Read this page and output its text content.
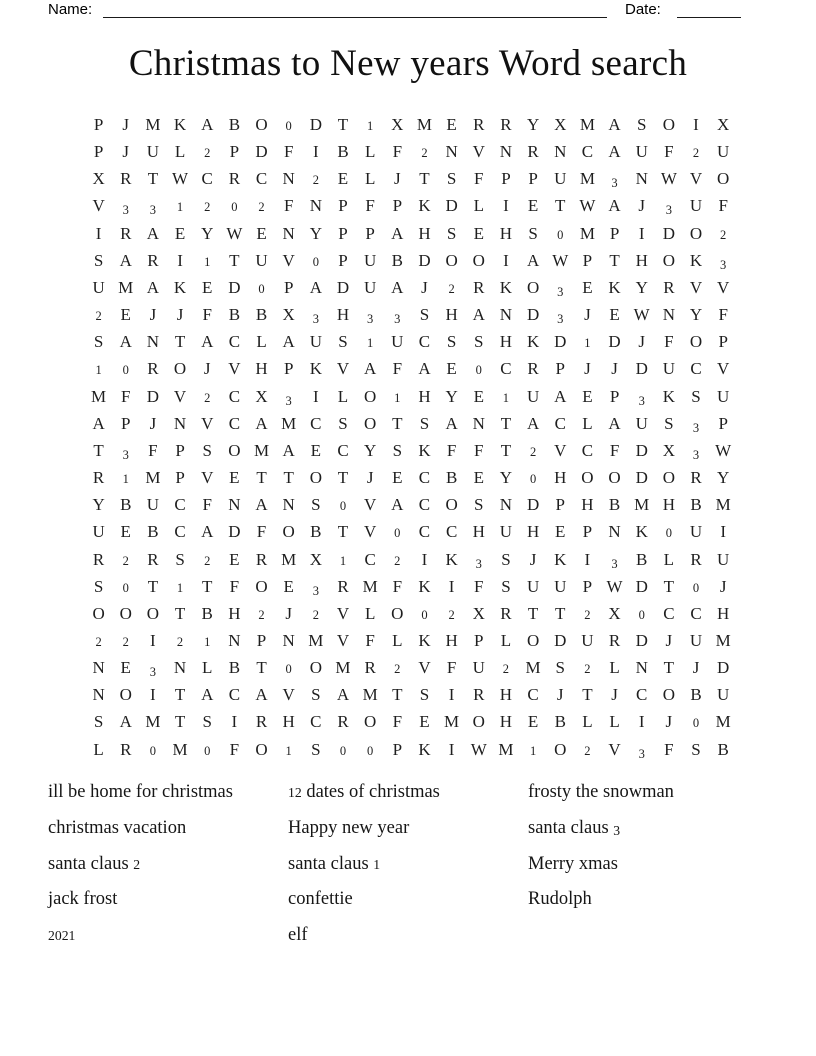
Name:	Date:
Christmas to New years Word search
P J M K A B O 0 D T 1 X M E R R Y X M A S O I X
P J U L 2 P D F I B L F 2 N V N R N C A U F 2 U
X R T W C R C N 2 E L J T S F P P U M 3 N W V O
V 3 3 1 2 0 2 F N P F P K D L I E T W A J 3 U F
I R A E Y W E N Y P P A H S E H S 0 M P I D O 2
S A R I 1 T U V 0 P U B D O O I A W P T H O K 3
U M A K E D 0 P A D U A J 2 R K O 3 E K Y R V V
2 E J J F B B X 3 H 3 3 S H A N D 3 J E W N Y F
S A N T A C L A U S 1 U C S S H K D 1 D J F O P
1 0 R O J V H P K V A F A E 0 C R P J J D U C V
M F D V 2 C X 3 I L O 1 H Y E 1 U A E P 3 K S U
A P J N V C A M C S O T S A N T A C L A U S 3 P
T 3 F P S O M A E C Y S K F F T 2 V C F D X 3 W
R 1 M P V E T T O T J E C B E Y 0 H O O D O R Y
Y B U C F N A N S 0 V A C O S N D P H B M H B M
U E B C A D F O B T V 0 C C H U H E P N K 0 U I
R 2 R S 2 E R M X 1 C 2 I K 3 S J K I 3 B L R U
S 0 T 1 T F O E 3 R M F K I F S U U P W D T 0 J
O O O T B H 2 J 2 V L O 0 2 X R T T 2 X 0 C C H
2 2 I 2 1 N P N M V F L K H P L O D U R D J U M
N E 3 N L B T 0 O M R 2 V F U 2 M S 2 L N T J D
N O I T A C A V S A M T S I R H C J T J C O B U
S A M T S I R H C R O F E M O H E B L L I J 0 M
L R 0 M 0 F O 1 S 0 0 P K I W M 1 O 2 V 3 F S B
ill be home for christmas
christmas vacation
santa claus 2
jack frost
2021
12 dates of christmas
Happy new year
santa claus 1
confettie
elf
frosty the snowman
santa claus 3
Merry xmas
Rudolph
